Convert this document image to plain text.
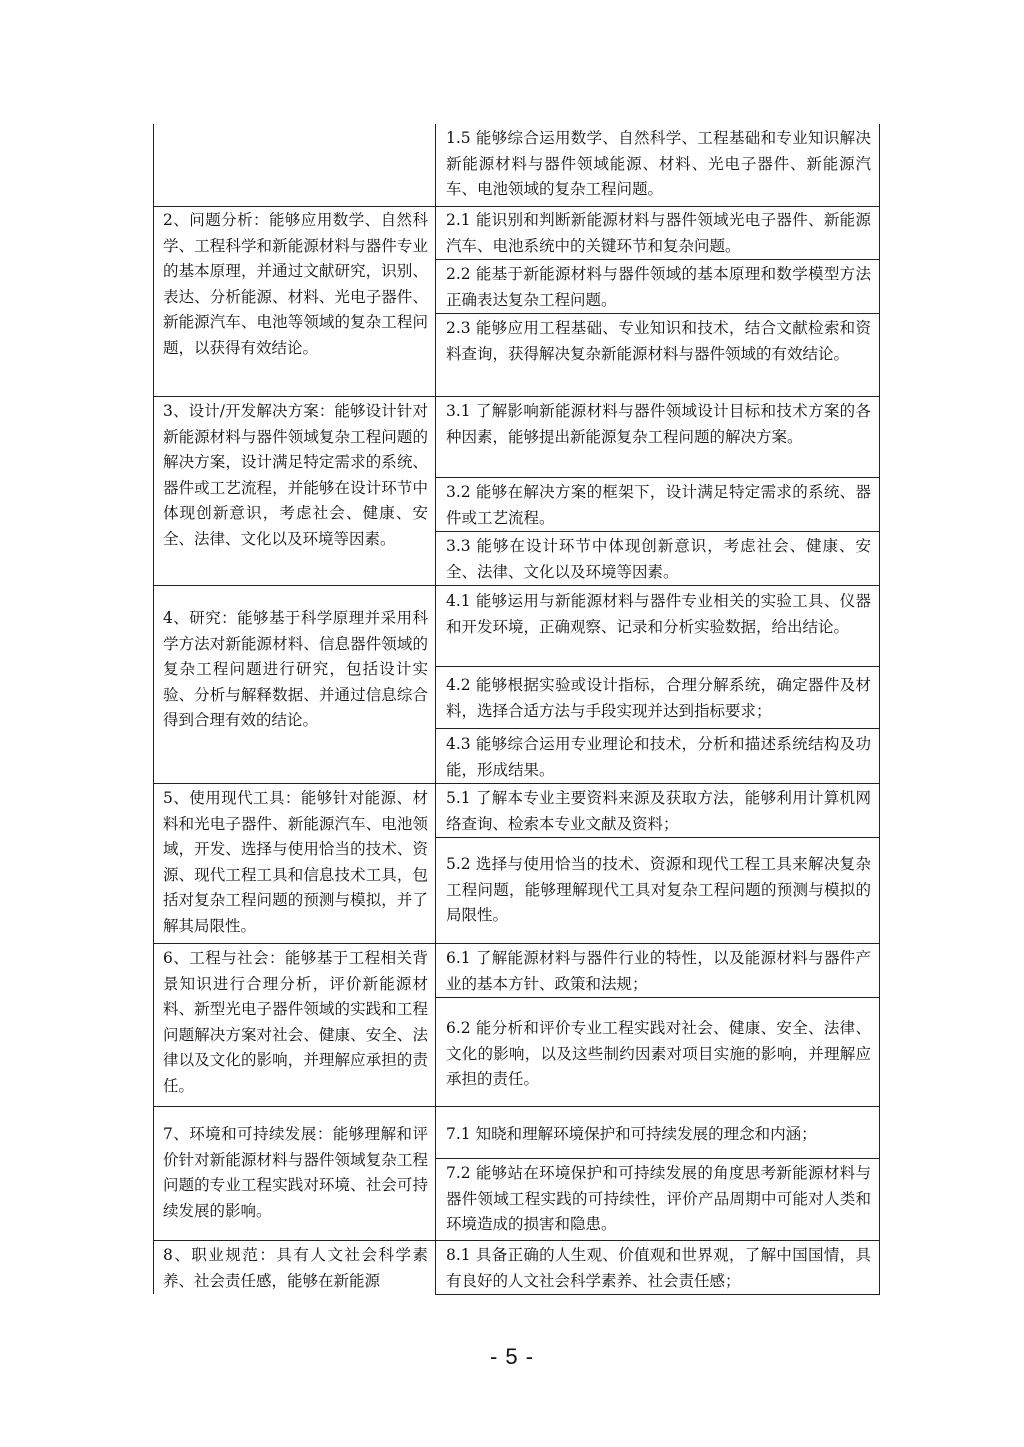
1.5 能够综合运用数学、自然科学、工程基础和专业知识解决新能源材料与器件领域能源、材料、光电子器件、新能源汽车、电池领域的复杂工程问题。
2、问题分析：能够应用数学、自然科学、工程科学和新能源材料与器件专业的基本原理，并通过文献研究，识别、表达、分析能源、材料、光电子器件、新能源汽车、电池等领域的复杂工程问题，以获得有效结论。
2.1 能识别和判断新能源材料与器件领域光电子器件、新能源汽车、电池系统中的关键环节和复杂问题。
2.2 能基于新能源材料与器件领域的基本原理和数学模型方法正确表达复杂工程问题。
2.3 能够应用工程基础、专业知识和技术，结合文献检索和资料查询，获得解决复杂新能源材料与器件领域的有效结论。
3、设计/开发解决方案：能够设计针对新能源材料与器件领域复杂工程问题的解决方案，设计满足特定需求的系统、器件或工艺流程，并能够在设计环节中体现创新意识，考虑社会、健康、安全、法律、文化以及环境等因素。
3.1 了解影响新能源材料与器件领域设计目标和技术方案的各种因素，能够提出新能源复杂工程问题的解决方案。
3.2 能够在解决方案的框架下，设计满足特定需求的系统、器件或工艺流程。
3.3 能够在设计环节中体现创新意识，考虑社会、健康、安全、法律、文化以及环境等因素。
4、研究：能够基于科学原理并采用科学方法对新能源材料、信息器件领域的复杂工程问题进行研究，包括设计实验、分析与解释数据、并通过信息综合得到合理有效的结论。
4.1 能够运用与新能源材料与器件专业相关的实验工具、仪器和开发环境，正确观察、记录和分析实验数据，给出结论。
4.2 能够根据实验或设计指标，合理分解系统，确定器件及材料，选择合适方法与手段实现并达到指标要求；
4.3 能够综合运用专业理论和技术，分析和描述系统结构及功能，形成结果。
5、使用现代工具：能够针对能源、材料和光电子器件、新能源汽车、电池领域，开发、选择与使用恰当的技术、资源、现代工程工具和信息技术工具，包括对复杂工程问题的预测与模拟，并了解其局限性。
5.1 了解本专业主要资料来源及获取方法，能够利用计算机网络查询、检索本专业文献及资料；
5.2 选择与使用恰当的技术、资源和现代工程工具来解决复杂工程问题，能够理解现代工具对复杂工程问题的预测与模拟的局限性。
6、工程与社会：能够基于工程相关背景知识进行合理分析，评价新能源材料、新型光电子器件领域的实践和工程问题解决方案对社会、健康、安全、法律以及文化的影响，并理解应承担的责任。
6.1 了解能源材料与器件行业的特性，以及能源材料与器件产业的基本方针、政策和法规；
6.2 能分析和评价专业工程实践对社会、健康、安全、法律、文化的影响，以及这些制约因素对项目实施的影响，并理解应承担的责任。
7、环境和可持续发展：能够理解和评价针对新能源材料与器件领域复杂工程问题的专业工程实践对环境、社会可持续发展的影响。
7.1 知晓和理解环境保护和可持续发展的理念和内涵；
7.2 能够站在环境保护和可持续发展的角度思考新能源材料与器件领域工程实践的可持续性，评价产品周期中可能对人类和环境造成的损害和隐患。
8、职业规范：具有人文社会科学素养、社会责任感，能够在新能源
8.1 具备正确的人生观、价值观和世界观，了解中国国情，具有良好的人文社会科学素养、社会责任感；
- 5 -
